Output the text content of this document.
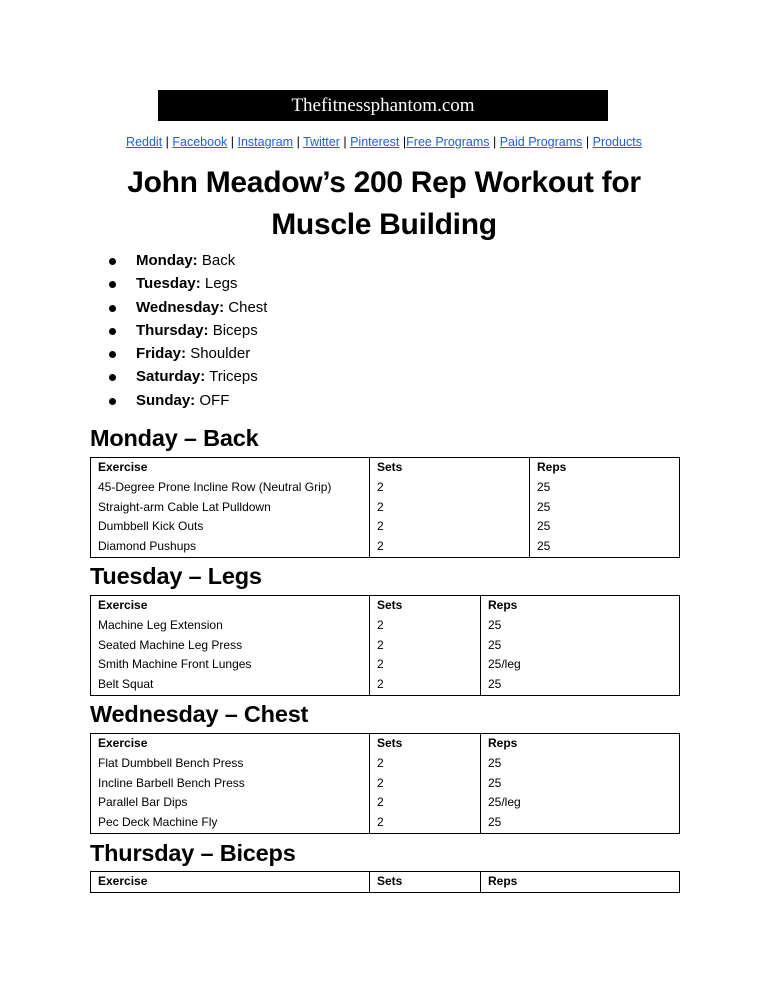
Thefitnessphantom.com
Reddit | Facebook | Instagram | Twitter | Pinterest |Free Programs | Paid Programs | Products
John Meadow’s 200 Rep Workout for Muscle Building
Monday: Back
Tuesday: Legs
Wednesday: Chest
Thursday: Biceps
Friday: Shoulder
Saturday: Triceps
Sunday: OFF
Monday – Back
Exercise	Sets	Reps
45-Degree Prone Incline Row (Neutral Grip)	2	25
Straight-arm Cable Lat Pulldown	2	25
Dumbbell Kick Outs	2	25
Diamond Pushups	2	25
Tuesday – Legs
Exercise	Sets	Reps
Machine Leg Extension	2	25
Seated Machine Leg Press	2	25
Smith Machine Front Lunges	2	25/leg
Belt Squat	2	25
Wednesday – Chest
Exercise	Sets	Reps
Flat Dumbbell Bench Press	2	25
Incline Barbell Bench Press	2	25
Parallel Bar Dips	2	25/leg
Pec Deck Machine Fly	2	25
Thursday – Biceps
Exercise	Sets	Reps
